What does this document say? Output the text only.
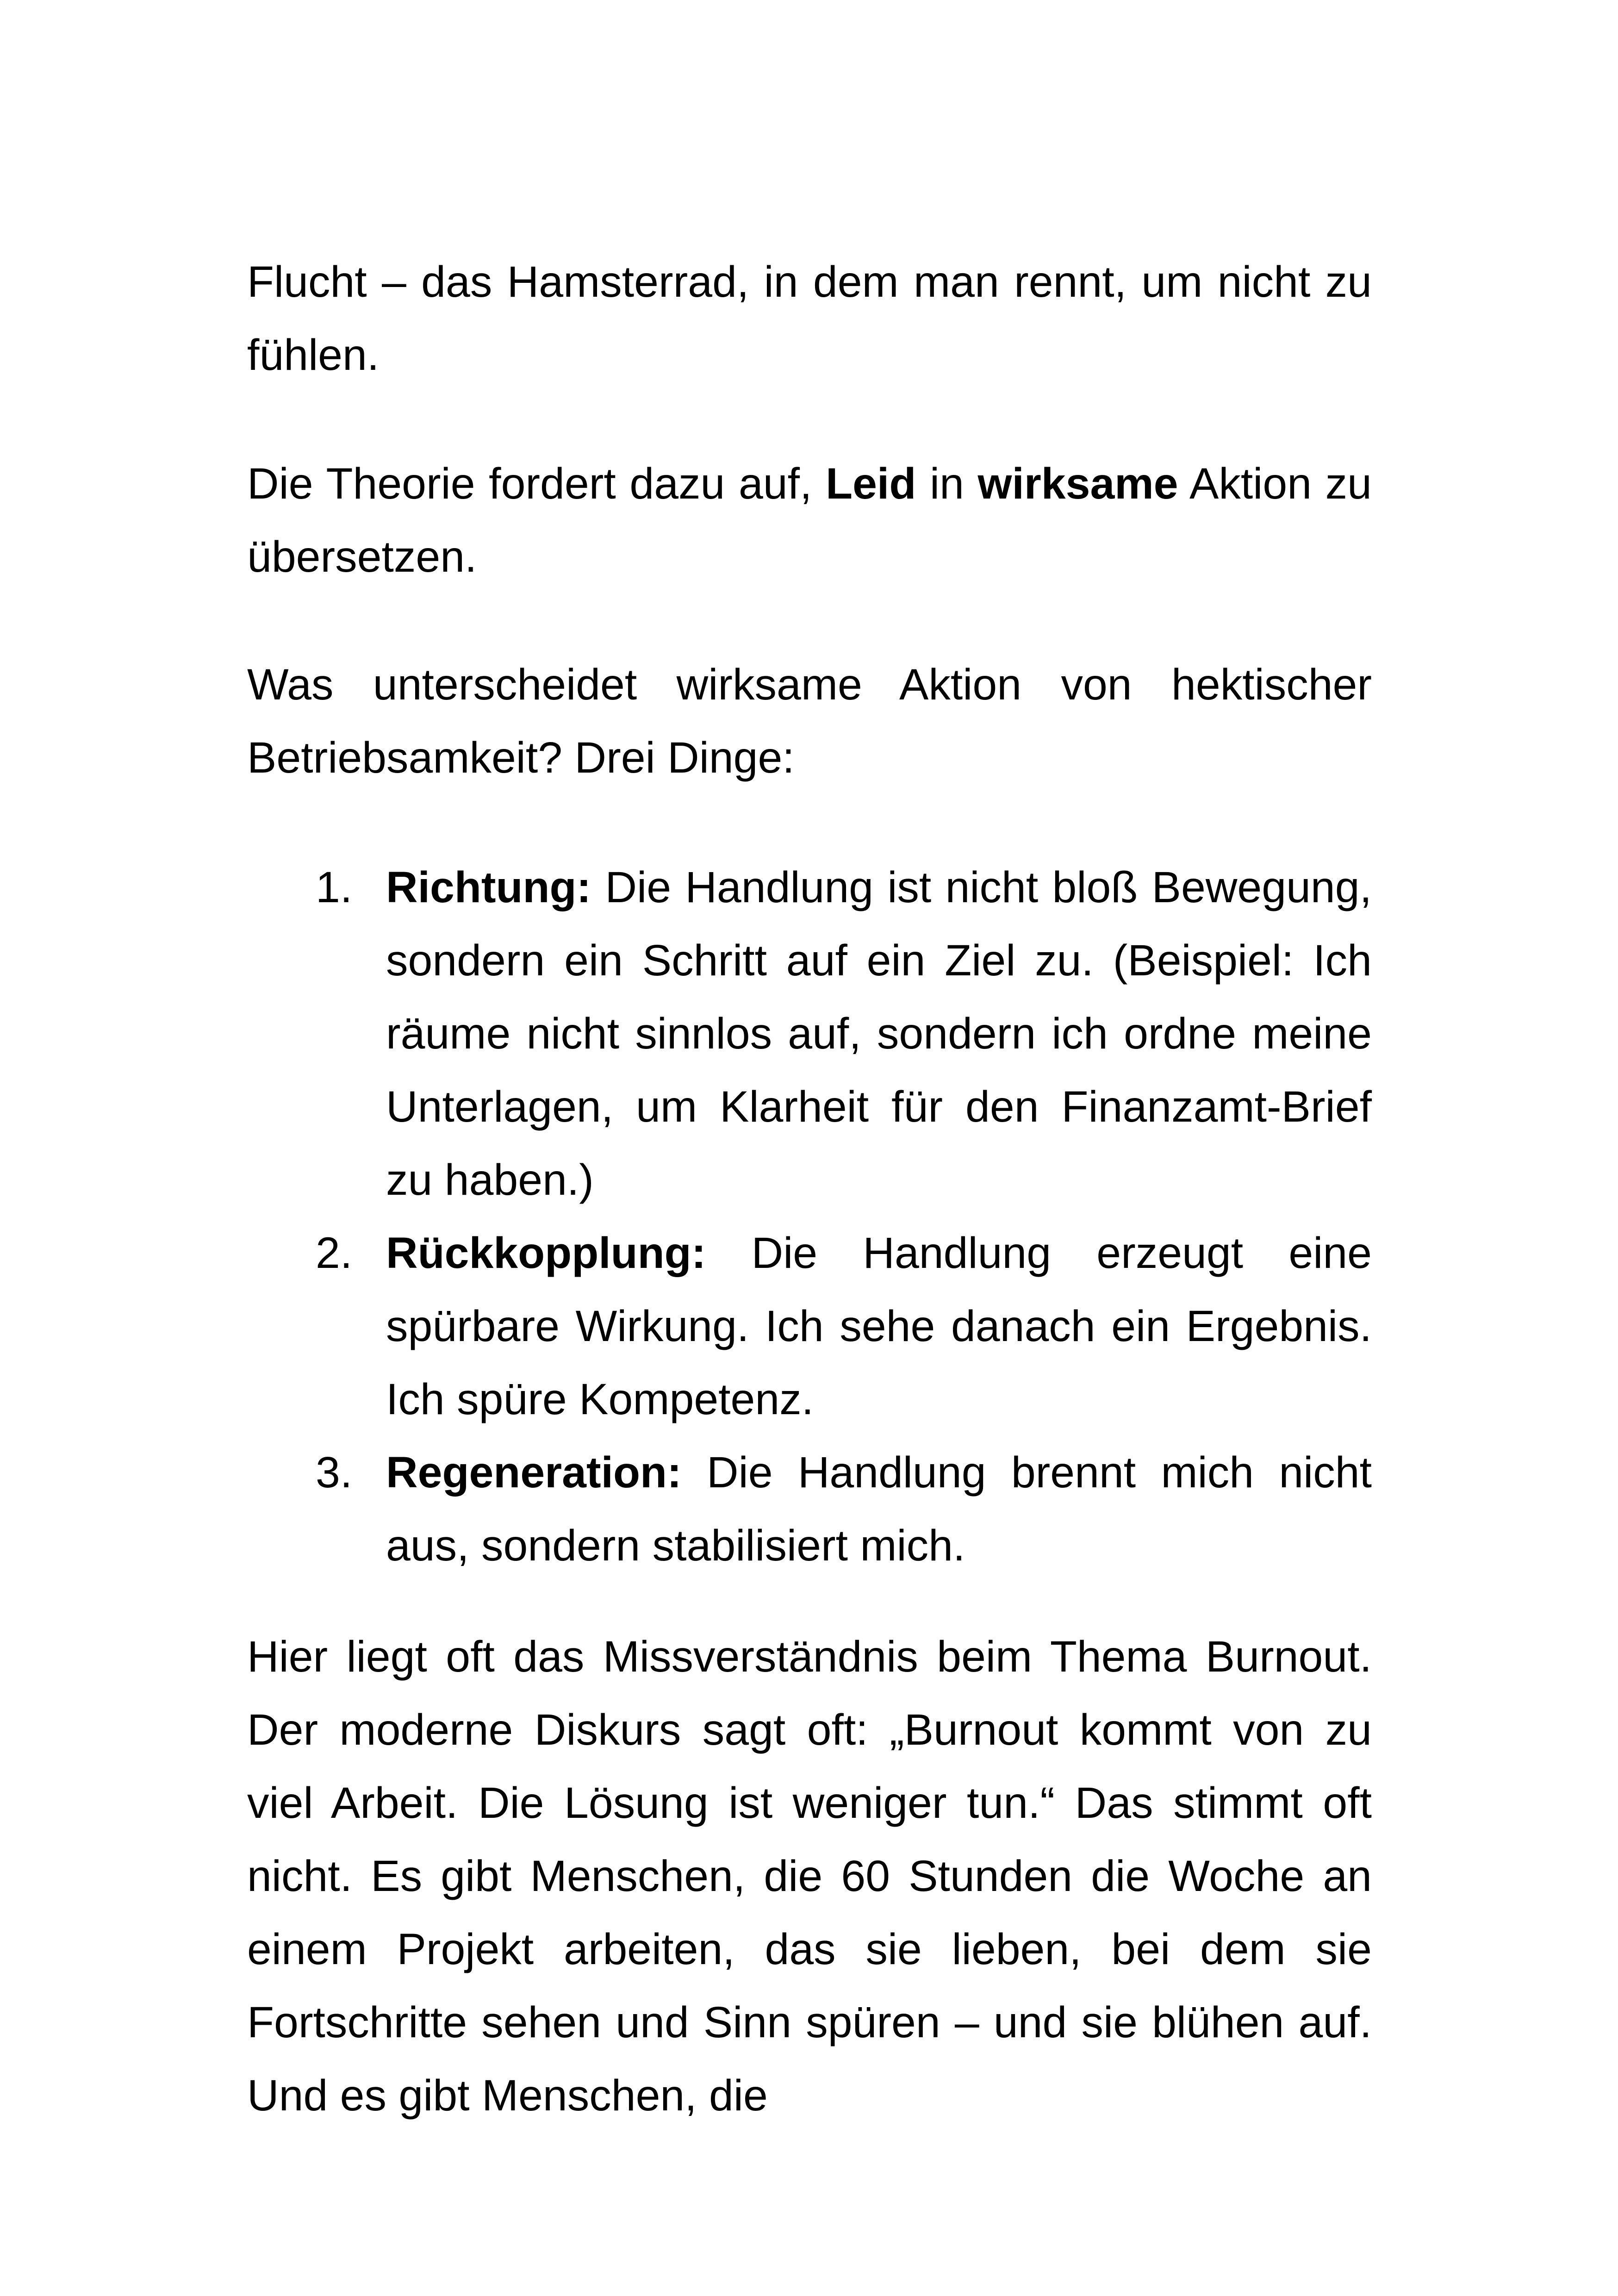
Flucht – das Hamsterrad, in dem man rennt, um nicht zu fühlen.

Die Theorie fordert dazu auf, Leid in wirksame Aktion zu übersetzen.

Was unterscheidet wirksame Aktion von hektischer
Betriebsamkeit? Drei Dinge:

1. Richtung: Die Handlung ist nicht bloß Bewegung, sondern ein Schritt auf ein Ziel zu. (Beispiel: Ich räume nicht sinnlos auf, sondern ich ordne meine Unterlagen, um Klarheit für den Finanzamt-Brief zu haben.)
2. Rückkopplung: Die Handlung erzeugt eine spürbare Wirkung. Ich sehe danach ein Ergebnis. Ich spüre Kompetenz.
3. Regeneration: Die Handlung brennt mich nicht aus, sondern stabilisiert mich.

Hier liegt oft das Missverständnis beim Thema Burnout. Der moderne Diskurs sagt oft: „Burnout kommt von zu viel Arbeit. Die Lösung ist weniger tun.“ Das stimmt oft nicht. Es gibt Menschen, die 60 Stunden die Woche an einem Projekt arbeiten, das sie lieben, bei dem sie Fortschritte sehen und Sinn spüren – und sie blühen auf. Und es gibt Menschen, die
